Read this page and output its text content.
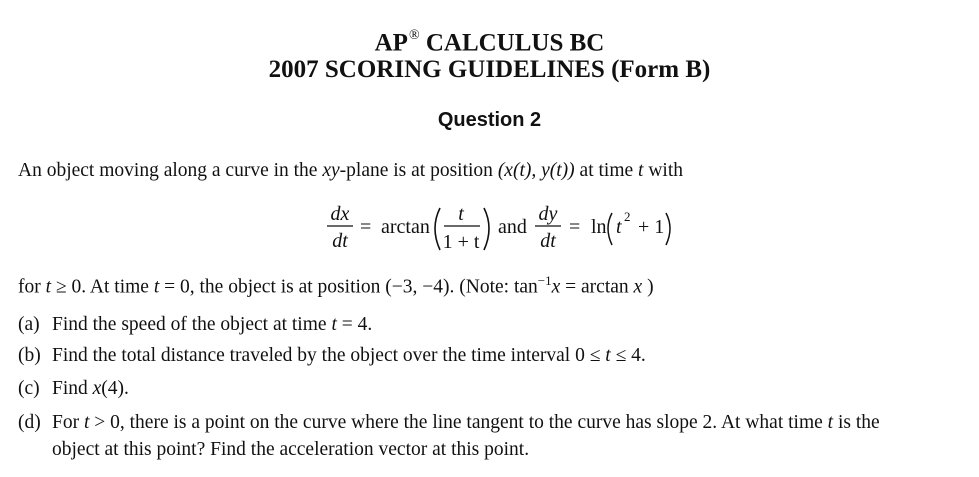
AP® CALCULUS BC
2007 SCORING GUIDELINES (Form B)
Question 2
An object moving along a curve in the xy-plane is at position (x(t), y(t)) at time t with
dx
dt
= arctan
t
1 + t
and
dy
dt
= ln t 2 + 1
for t ≥ 0. At time t = 0, the object is at position (−3, −4). (Note: $\tan^{-1}x = \arctan x$ )
(a) Find the speed of the object at time t = 4.
(b) Find the total distance traveled by the object over the time interval 0 ≤ t ≤ 4.
(c) Find x(4).
(d) For t > 0, there is a point on the curve where the line tangent to the curve has slope 2. At what time t is the
object at this point? Find the acceleration vector at this point.
